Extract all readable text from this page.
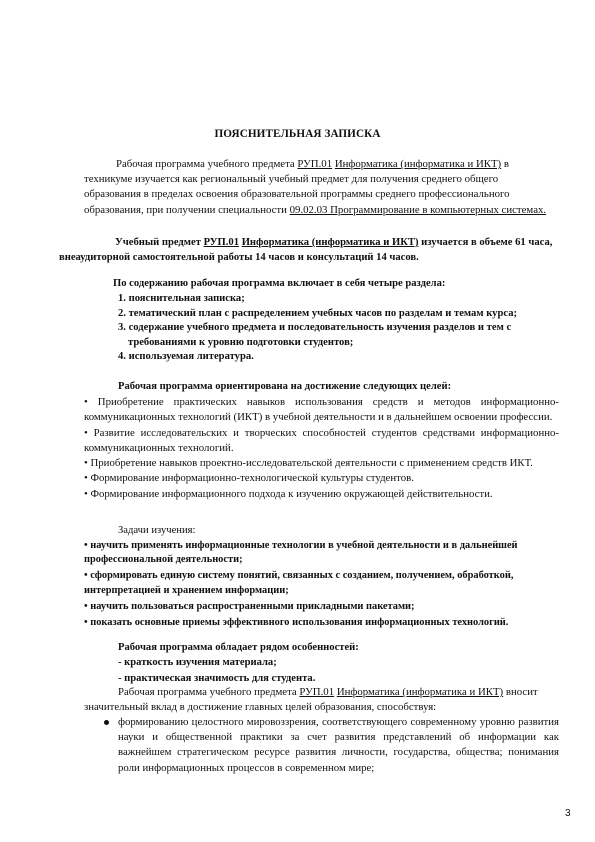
ПОЯСНИТЕЛЬНАЯ ЗАПИСКА
Рабочая программа учебного предмета РУП.01 Информатика (информатика и ИКТ) в техникуме изучается как региональный учебный предмет для получения среднего общего образования в пределах освоения образовательной программы среднего профессионального образования, при получении специальности 09.02.03 Программирование в компьютерных системах.
Учебный предмет РУП.01 Информатика (информатика и ИКТ) изучается в объеме 61 часа, внеаудиторной самостоятельной работы 14 часов и консультаций 14 часов.
По содержанию рабочая программа включает в себя четыре раздела:
1. пояснительная записка;
2. тематический план с распределением учебных часов по разделам и темам курса;
3. содержание учебного предмета и последовательность изучения разделов и тем с
требованиями к уровню подготовки студентов;
4. используемая литература.
Рабочая программа ориентирована на достижение следующих целей:
• Приобретение практических навыков использования средств и методов информационно-коммуникационных технологий (ИКТ) в учебной деятельности и в дальнейшем освоении профессии.
• Развитие исследовательских и творческих способностей студентов средствами информационно-коммуникационных технологий.
• Приобретение навыков проектно-исследовательской деятельности с применением средств ИКТ.
• Формирование информационно-технологической культуры студентов.
• Формирование информационного подхода к изучению окружающей действительности.
Задачи изучения:
• научить применять информационные технологии в учебной деятельности и в дальнейшей профессиональной деятельности;
• сформировать единую систему понятий, связанных с созданием, получением, обработкой, интерпретацией и хранением информации;
• научить пользоваться распространенными прикладными пакетами;
• показать основные приемы эффективного использования информационных технологий.
Рабочая программа обладает рядом особенностей:
- краткость изучения материала;
- практическая значимость для студента.
Рабочая программа учебного предмета РУП.01 Информатика (информатика и ИКТ) вносит значительный вклад в достижение главных целей образования, способствуя:
формированию целостного мировоззрения, соответствующего современному уровню развития науки и общественной практики за счет развития представлений об информации как важнейшем стратегическом ресурсе развития личности, государства, общества; понимания роли информационных процессов в современном мире;
3
